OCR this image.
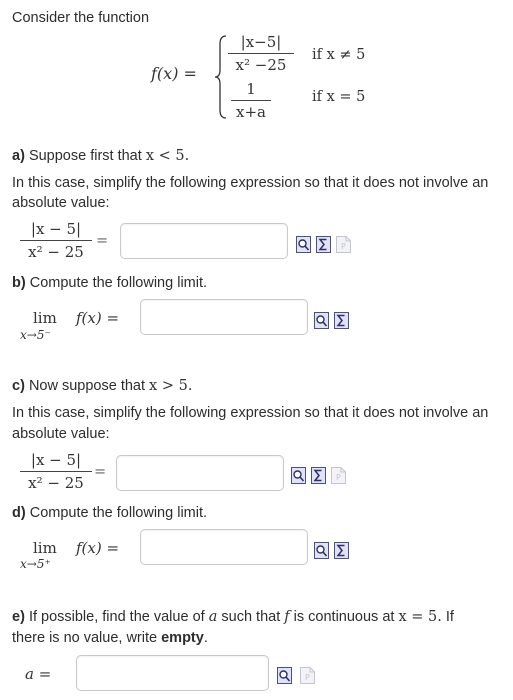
Consider the function
f(x) =
|x−5|
x² −25
if x ≠ 5
1
x+a
if x = 5
a) Suppose first that x < 5.
In this case, simplify the following expression so that it does not involve an
absolute value:
|x − 5|
x² − 25
=	P
b) Compute the following limit.
lim
x→5⁻
f(x) =
c) Now suppose that x > 5.
In this case, simplify the following expression so that it does not involve an
absolute value:
|x − 5|
x² − 25
=	P
d) Compute the following limit.
lim
x→5⁺
f(x) =
e) If possible, find the value of a such that f is continuous at x = 5. If
there is no value, write empty.
a =	P
